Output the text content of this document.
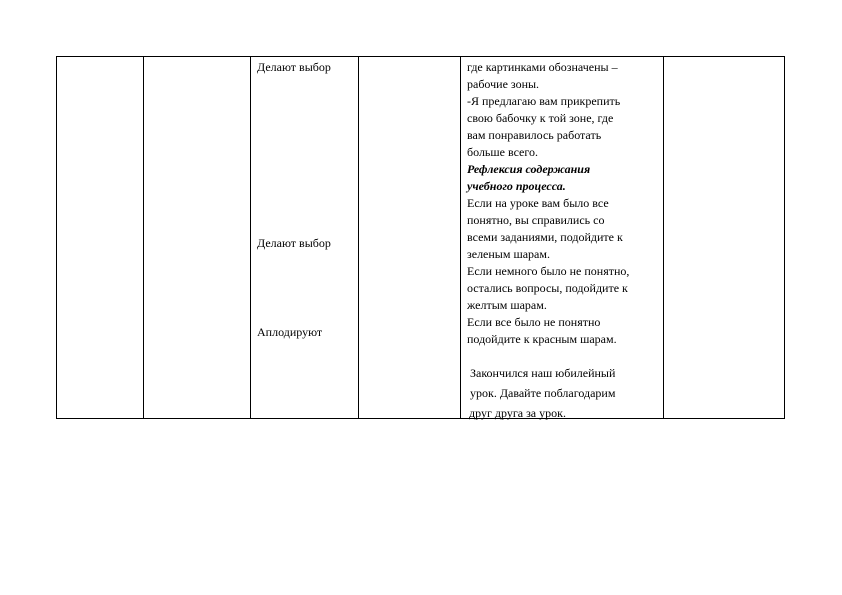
Делают выбор
Делают выбор
Аплодируют
где картинками обозначены –
рабочие зоны.
-Я предлагаю вам прикрепить
свою бабочку к той зоне, где
вам понравилось работать
больше всего.
Рефлексия содержания
учебного процесса.
Если на уроке вам было все
понятно, вы справились со
всеми заданиями, подойдите к
зеленым шарам.
Если немного было не понятно,
остались вопросы, подойдите к
желтым шарам.
Если все было не понятно
подойдите к красным шарам.
Закончился наш юбилейный
урок. Давайте поблагодарим
друг друга за урок.
